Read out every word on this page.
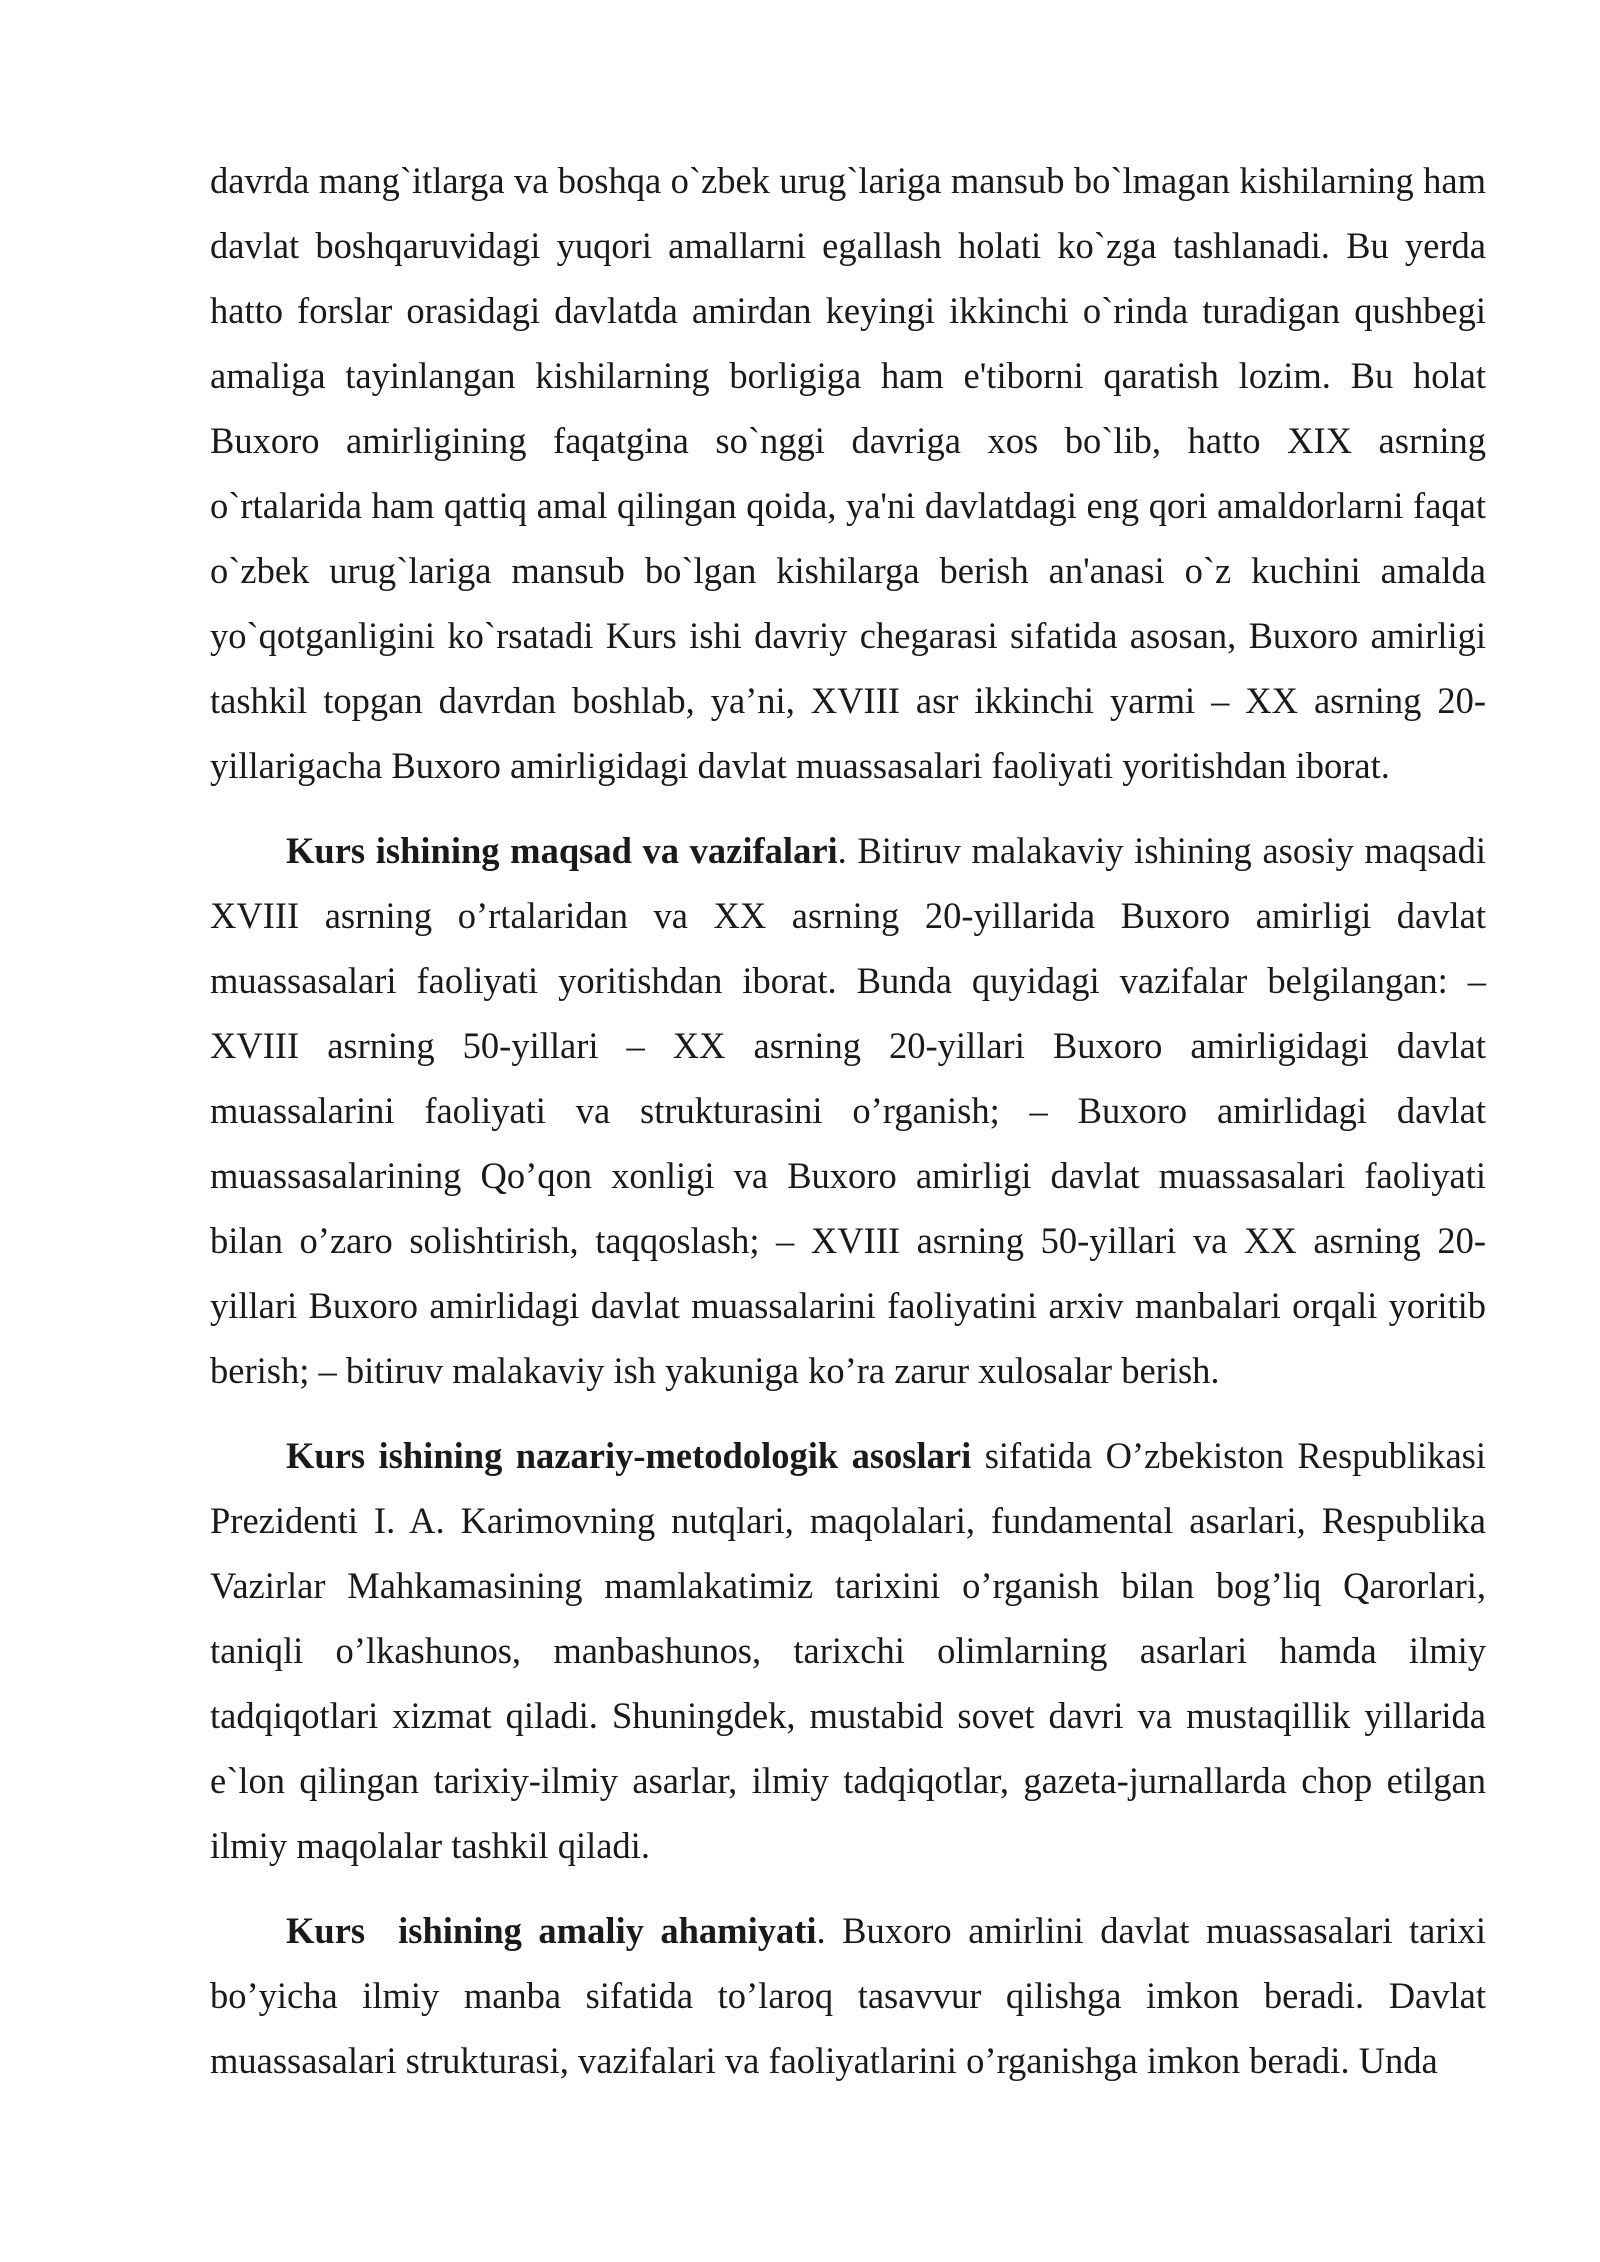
davrda mang`itlarga va boshqa o`zbek urug`lariga mansub bo`lmagan kishilarning ham davlat boshqaruvidagi yuqori amallarni egallash holati ko`zga tashlanadi. Bu yerda hatto forslar orasidagi davlatda amirdan keyingi ikkinchi o`rinda turadigan qushbegi amaliga tayinlangan kishilarning borligiga ham e'tiborni qaratish lozim. Bu holat Buxoro amirligining faqatgina so`nggi davriga xos bo`lib, hatto XIX asrning o`rtalarida ham qattiq amal qilingan qoida, ya'ni davlatdagi eng qori amaldorlarni faqat o`zbek urug`lariga mansub bo`lgan kishilarga berish an'anasi o`z kuchini amalda yo`qotganligini ko`rsatadi Kurs ishi davriy chegarasi sifatida asosan, Buxoro amirligi tashkil topgan davrdan boshlab, ya’ni, XVIII asr ikkinchi yarmi – XX asrning 20- yillarigacha Buxoro amirligidagi davlat muassasalari faoliyati yoritishdan iborat.

Kurs ishining maqsad va vazifalari. Bitiruv malakaviy ishining asosiy maqsadi XVIII asrning o’rtalaridan va XX asrning 20-yillarida Buxoro amirligi davlat muassasalari faoliyati yoritishdan iborat. Bunda quyidagi vazifalar belgilangan: – XVIII asrning 50-yillari – XX asrning 20-yillari Buxoro amirligidagi davlat muassalarini faoliyati va strukturasini o’rganish; – Buxoro amirlidagi davlat muassasalarining Qo’qon xonligi va Buxoro amirligi davlat muassasalari faoliyati bilan o’zaro solishtirish, taqqoslash; – XVIII asrning 50-yillari va XX asrning 20-yillari Buxoro amirlidagi davlat muassalarini faoliyatini arxiv manbalari orqali yoritib berish; – bitiruv malakaviy ish yakuniga ko’ra zarur xulosalar berish.

Kurs ishining nazariy-metodologik asoslari sifatida O’zbekiston Respublikasi Prezidenti I. A. Karimovning nutqlari, maqolalari, fundamental asarlari, Respublika Vazirlar Mahkamasining mamlakatimiz tarixini o’rganish bilan bog’liq Qarorlari, taniqli o’lkashunos, manbashunos, tarixchi olimlarning asarlari hamda ilmiy tadqiqotlari xizmat qiladi. Shuningdek, mustabid sovet davri va mustaqillik yillarida e`lon qilingan tarixiy-ilmiy asarlar, ilmiy tadqiqotlar, gazeta-jurnallarda chop etilgan ilmiy maqolalar tashkil qiladi.

Kurs  ishining amaliy ahamiyati. Buxoro amirlini davlat muassasalari tarixi bo’yicha ilmiy manba sifatida to’laroq tasavvur qilishga imkon beradi. Davlat muassasalari strukturasi, vazifalari va faoliyatlarini o’rganishga imkon beradi. Unda
